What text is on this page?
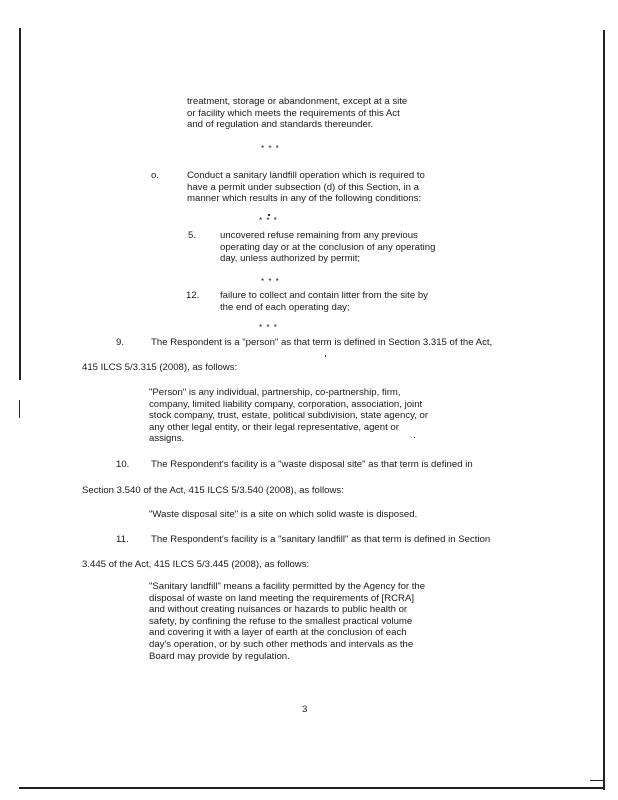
treatment, storage or abandonment, except at a site

or facility which meets the requirements of this Act

and of regulation and standards thereunder.

* * *
o.	Conduct a sanitary landfill operation which is required to

have a permit under subsection (d) of this Section, in a

manner which results in any of the following conditions:

* * *
5. uncovered refuse remaining from any previous

operating day or at the conclusion of any operating

day, unless authorized by permit;

* * *
12. failure to collect and contain litter from the site by

the end of each operating day;

* * *
9.	The Respondent is a "person" as that term is defined in Section 3.315 of the Act,

415 ILCS 5/3.315 (2008), as follows:

"Person" is any individual, partnership, co-partnership, firm,

company, limited liability company, corporation, association, joint

stock company, trust, estate, political subdivision, state agency, or

any other legal entity, or their legal representative, agent or

assigns.

10. The Respondent's facility is a "waste disposal site" as that term is defined in

Section 3.540 of the Act, 415 ILCS 5/3.540 (2008), as follows:

"Waste disposal site" is a site on which solid waste is disposed.

11. The Respondent's facility is a "sanitary landfill" as that term is defined in Section

3.445 of the Act, 415 ILCS 5/3.445 (2008), as follows:

"Sanitary landfill" means a facility permitted by the Agency for the

disposal of waste on land meeting the requirements of [RCRA]

and without creating nuisances or hazards to public health or

safety, by confining the refuse to the smallest practical volume

and covering it with a layer of earth at the conclusion of each

day's operation, or by such other methods and intervals as the

Board may provide by regulation.

3
